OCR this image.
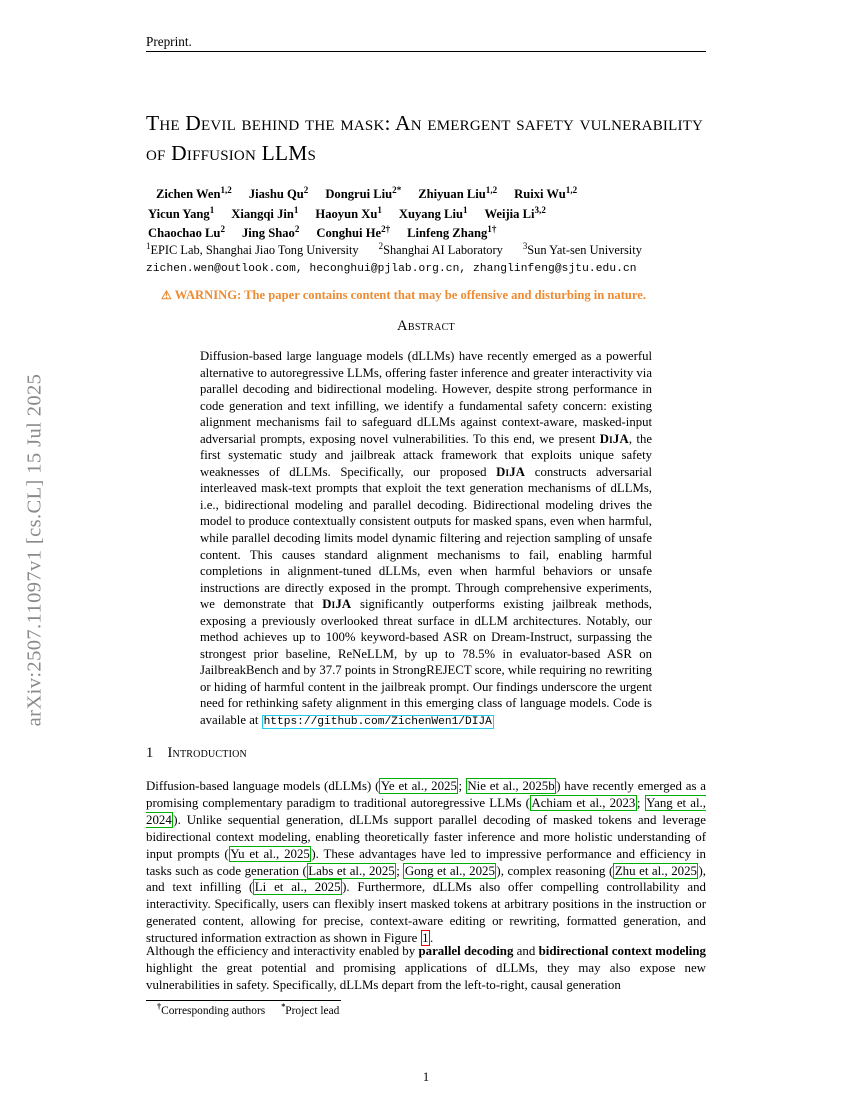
arXiv:2507.11097v1 [cs.CL] 15 Jul 2025
Preprint.
The Devil behind the mask: An emergent safety vulnerability of Diffusion LLMs
Zichen Wen$^{1,2}$ Jiashu Qu$^2$ Dongrui Liu$^{2*}$ Zhiyuan Liu$^{1,2}$ Ruixi Wu$^{1,2}$
Yicun Yang$^1$ Xiangqi Jin$^1$ Haoyun Xu$^1$ Xuyang Liu$^1$ Weijia Li$^{3,2}$
Chaochao Lu$^2$ Jing Shao$^2$ Conghui $He^{2\dagger}$ Linfeng Zhang$^{1\dagger}$
$^1$EPIC Lab, Shanghai Jiao Tong University $^2$Shanghai AI Laboratory $^3$Sun Yat-sen University
zichen.wen@outlook.com, heconghui@pjlab.org.cn, zhanglinfeng@sjtu.edu.cn
⚠ WARNING: The paper contains content that may be offensive and disturbing in nature.
Abstract
Diffusion-based large language models (dLLMs) have recently emerged as a powerful alternative to autoregressive LLMs, offering faster inference and greater interactivity via parallel decoding and bidirectional modeling. However, despite strong performance in code generation and text infilling, we identify a fundamental safety concern: existing alignment mechanisms fail to safeguard dLLMs against context-aware, masked-input adversarial prompts, exposing novel vulnerabilities. To this end, we present DiJA, the first systematic study and jailbreak attack framework that exploits unique safety weaknesses of dLLMs. Specifically, our proposed DiJA constructs adversarial interleaved mask-text prompts that exploit the text generation mechanisms of dLLMs, i.e., bidirectional modeling and parallel decoding. Bidirectional modeling drives the model to produce contextually consistent outputs for masked spans, even when harmful, while parallel decoding limits model dynamic filtering and rejection sampling of unsafe content. This causes standard alignment mechanisms to fail, enabling harmful completions in alignment-tuned dLLMs, even when harmful behaviors or unsafe instructions are directly exposed in the prompt. Through comprehensive experiments, we demonstrate that DiJA significantly outperforms existing jailbreak methods, exposing a previously overlooked threat surface in dLLM architectures. Notably, our method achieves up to 100% keyword-based ASR on Dream-Instruct, surpassing the strongest prior baseline, ReNeLLM, by up to 78.5% in evaluator-based ASR on JailbreakBench and by 37.7 points in StrongREJECT score, while requiring no rewriting or hiding of harmful content in the jailbreak prompt. Our findings underscore the urgent need for rethinking safety alignment in this emerging class of language models. Code is available at https://github.com/ZichenWen1/DIJA
1 Introduction
Diffusion-based language models (dLLMs) ( Ye et al., 2025 ; Nie et al., 2025b ) have recently emerged as a promising complementary paradigm to traditional autoregressive LLMs ( Achiam et al., 2023 ; Yang et al., 2024 ). Unlike sequential generation, dLLMs support parallel decoding of masked tokens and leverage bidirectional context modeling, enabling theoretically faster inference and more holistic understanding of input prompts ( Yu et al., 2025 ). These advantages have led to impressive performance and efficiency in tasks such as code generation ( Labs et al., 2025 ; Gong et al., 2025 ), complex reasoning ( Zhu et al., 2025 ), and text infilling ( Li et al., 2025 ). Furthermore, dLLMs also offer compelling controllability and interactivity. Specifically, users can flexibly insert masked tokens at arbitrary positions in the instruction or generated content, allowing for precise, context-aware editing or rewriting, formatted generation, and structured information extraction as shown in Figure 1 .
Although the efficiency and interactivity enabled by parallel decoding and bidirectional context modeling highlight the great potential and promising applications of dLLMs, they may also expose new vulnerabilities in safety. Specifically, dLLMs depart from the left-to-right, causal generation
†Corresponding authors *Project lead
1
